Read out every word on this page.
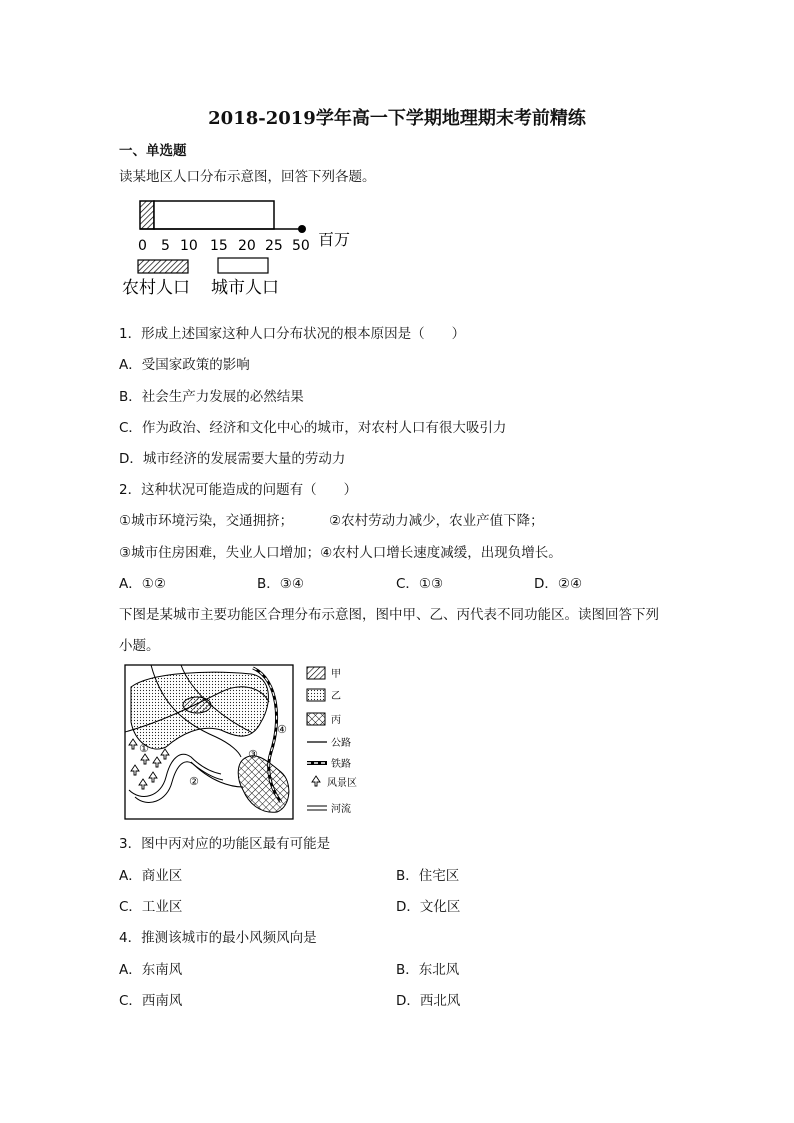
2018-2019学年高一下学期地理期末考前精练
一、单选题
读某地区人口分布示意图，回答下列各题。
0 5 10 15 20 25 50 百万
农村人口 城市人口
1．形成上述国家这种人口分布状况的根本原因是（　　）
A．受国家政策的影响
B．社会生产力发展的必然结果
C．作为政治、经济和文化中心的城市，对农村人口有很大吸引力
D．城市经济的发展需要大量的劳动力
2．这种状况可能造成的问题有（　　）
①城市环境污染，交通拥挤；	②农村劳动力减少，农业产值下降；
③城市住房困难，失业人口增加；④农村人口增长速度减缓，出现负增长。
A．①②	B．③④	C．①③	D．②④
下图是某城市主要功能区合理分布示意图，图中甲、乙、丙代表不同功能区。读图回答下列
小题。
①
②
③
④
甲
乙
丙
公路
铁路
风景区
河流
3．图中丙对应的功能区最有可能是
A．商业区	B．住宅区
C．工业区	D．文化区
4．推测该城市的最小风频风向是
A．东南风	B．东北风
C．西南风	D．西北风
